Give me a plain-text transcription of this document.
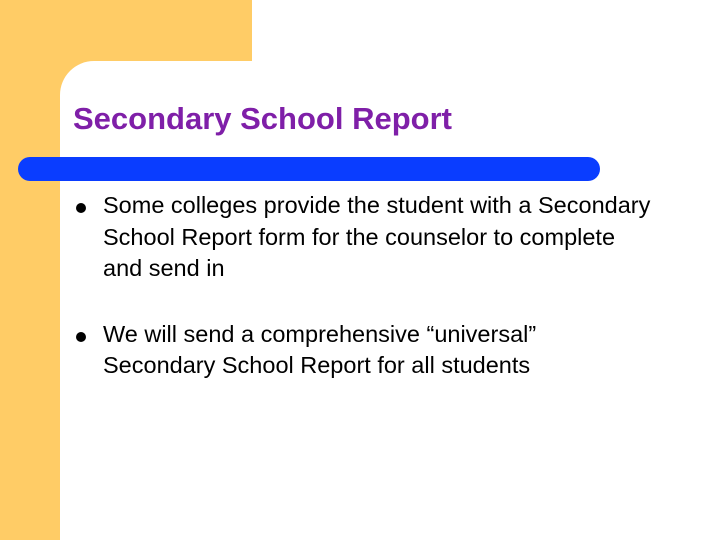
Secondary School Report
Some colleges provide the student with a Secondary School Report form for the counselor to complete and send in
We will send a comprehensive “universal” Secondary School Report for all students
